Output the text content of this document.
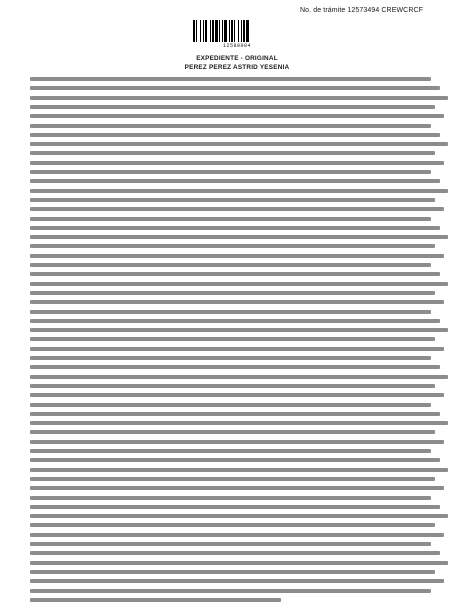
No. de trámite 12573494 CREWCRCF
12580004
EXPEDIENTE - ORIGINAL
PEREZ PEREZ ASTRID YESENIA
